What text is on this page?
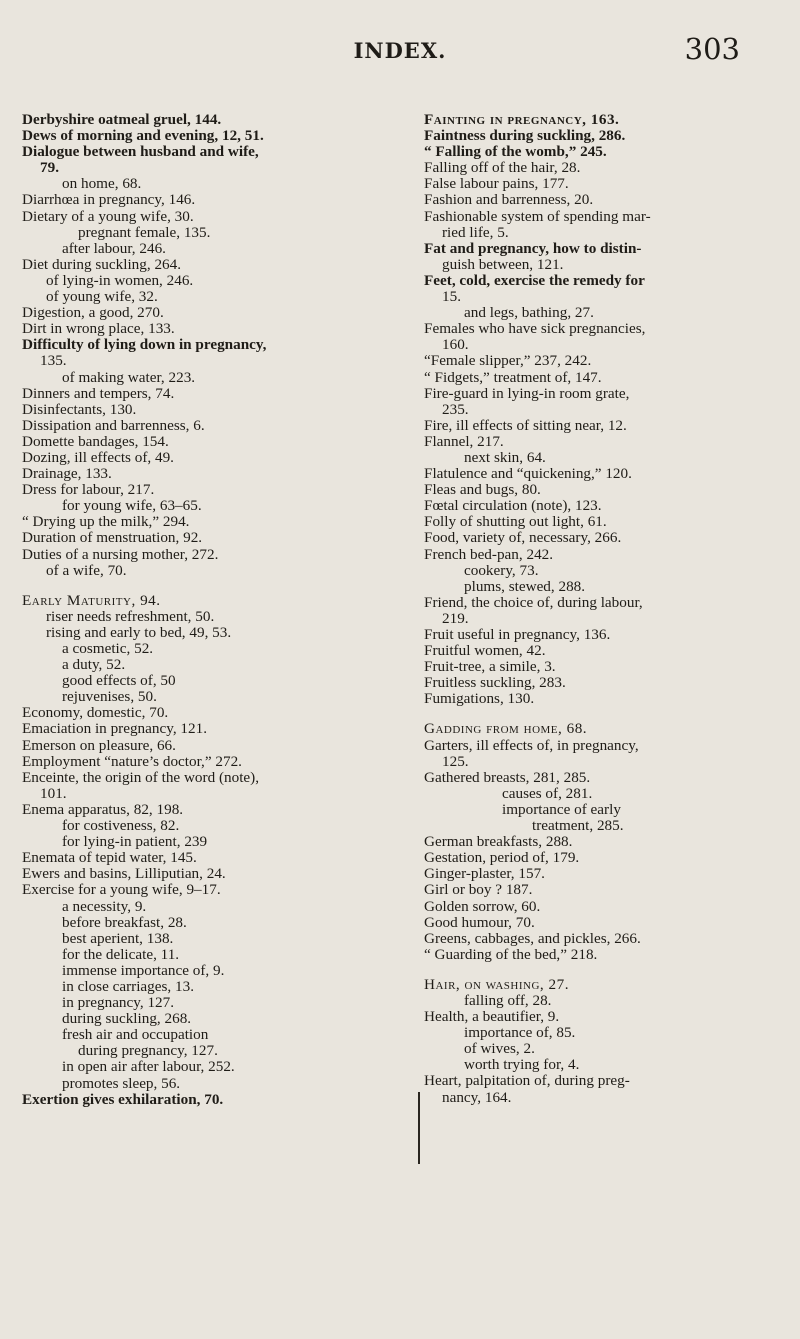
INDEX.	303
Derbyshire oatmeal gruel, 144.
Dews of morning and evening, 12, 51.
Dialogue between husband and wife,
79.
on home, 68.
Diarrhœa in pregnancy, 146.
Dietary of a young wife, 30.
pregnant female, 135.
after labour, 246.
Diet during suckling, 264.
of lying-in women, 246.
of young wife, 32.
Digestion, a good, 270.
Dirt in wrong place, 133.
Difficulty of lying down in pregnancy,
135.
of making water, 223.
Dinners and tempers, 74.
Disinfectants, 130.
Dissipation and barrenness, 6.
Domette bandages, 154.
Dozing, ill effects of, 49.
Drainage, 133.
Dress for labour, 217.
for young wife, 63–65.
“ Drying up the milk,” 294.
Duration of menstruation, 92.
Duties of a nursing mother, 272.
of a wife, 70.
Early Maturity, 94.
riser needs refreshment, 50.
rising and early to bed, 49, 53.
a cosmetic, 52.
a duty, 52.
good effects of, 50
rejuvenises, 50.
Economy, domestic, 70.
Emaciation in pregnancy, 121.
Emerson on pleasure, 66.
Employment “nature’s doctor,” 272.
Enceinte, the origin of the word (note),
101.
Enema apparatus, 82, 198.
for costiveness, 82.
for lying-in patient, 239
Enemata of tepid water, 145.
Ewers and basins, Lilliputian, 24.
Exercise for a young wife, 9–17.
a necessity, 9.
before breakfast, 28.
best aperient, 138.
for the delicate, 11.
immense importance of, 9.
in close carriages, 13.
in pregnancy, 127.
during suckling, 268.
fresh air and occupation
during pregnancy, 127.
in open air after labour, 252.
promotes sleep, 56.
Exertion gives exhilaration, 70.
Fainting in pregnancy, 163.
Faintness during suckling, 286.
“ Falling of the womb,” 245.
Falling off of the hair, 28.
False labour pains, 177.
Fashion and barrenness, 20.
Fashionable system of spending mar-
ried life, 5.
Fat and pregnancy, how to distin-
guish between, 121.
Feet, cold, exercise the remedy for
15.
and legs, bathing, 27.
Females who have sick pregnancies,
160.
“Female slipper,” 237, 242.
“ Fidgets,” treatment of, 147.
Fire-guard in lying-in room grate,
235.
Fire, ill effects of sitting near, 12.
Flannel, 217.
next skin, 64.
Flatulence and “quickening,” 120.
Fleas and bugs, 80.
Fœtal circulation (note), 123.
Folly of shutting out light, 61.
Food, variety of, necessary, 266.
French bed-pan, 242.
cookery, 73.
plums, stewed, 288.
Friend, the choice of, during labour,
219.
Fruit useful in pregnancy, 136.
Fruitful women, 42.
Fruit-tree, a simile, 3.
Fruitless suckling, 283.
Fumigations, 130.
Gadding from home, 68.
Garters, ill effects of, in pregnancy,
125.
Gathered breasts, 281, 285.
causes of, 281.
importance of early
treatment, 285.
German breakfasts, 288.
Gestation, period of, 179.
Ginger-plaster, 157.
Girl or boy ? 187.
Golden sorrow, 60.
Good humour, 70.
Greens, cabbages, and pickles, 266.
“ Guarding of the bed,” 218.
Hair, on washing, 27.
falling off, 28.
Health, a beautifier, 9.
importance of, 85.
of wives, 2.
worth trying for, 4.
Heart, palpitation of, during preg-
nancy, 164.
